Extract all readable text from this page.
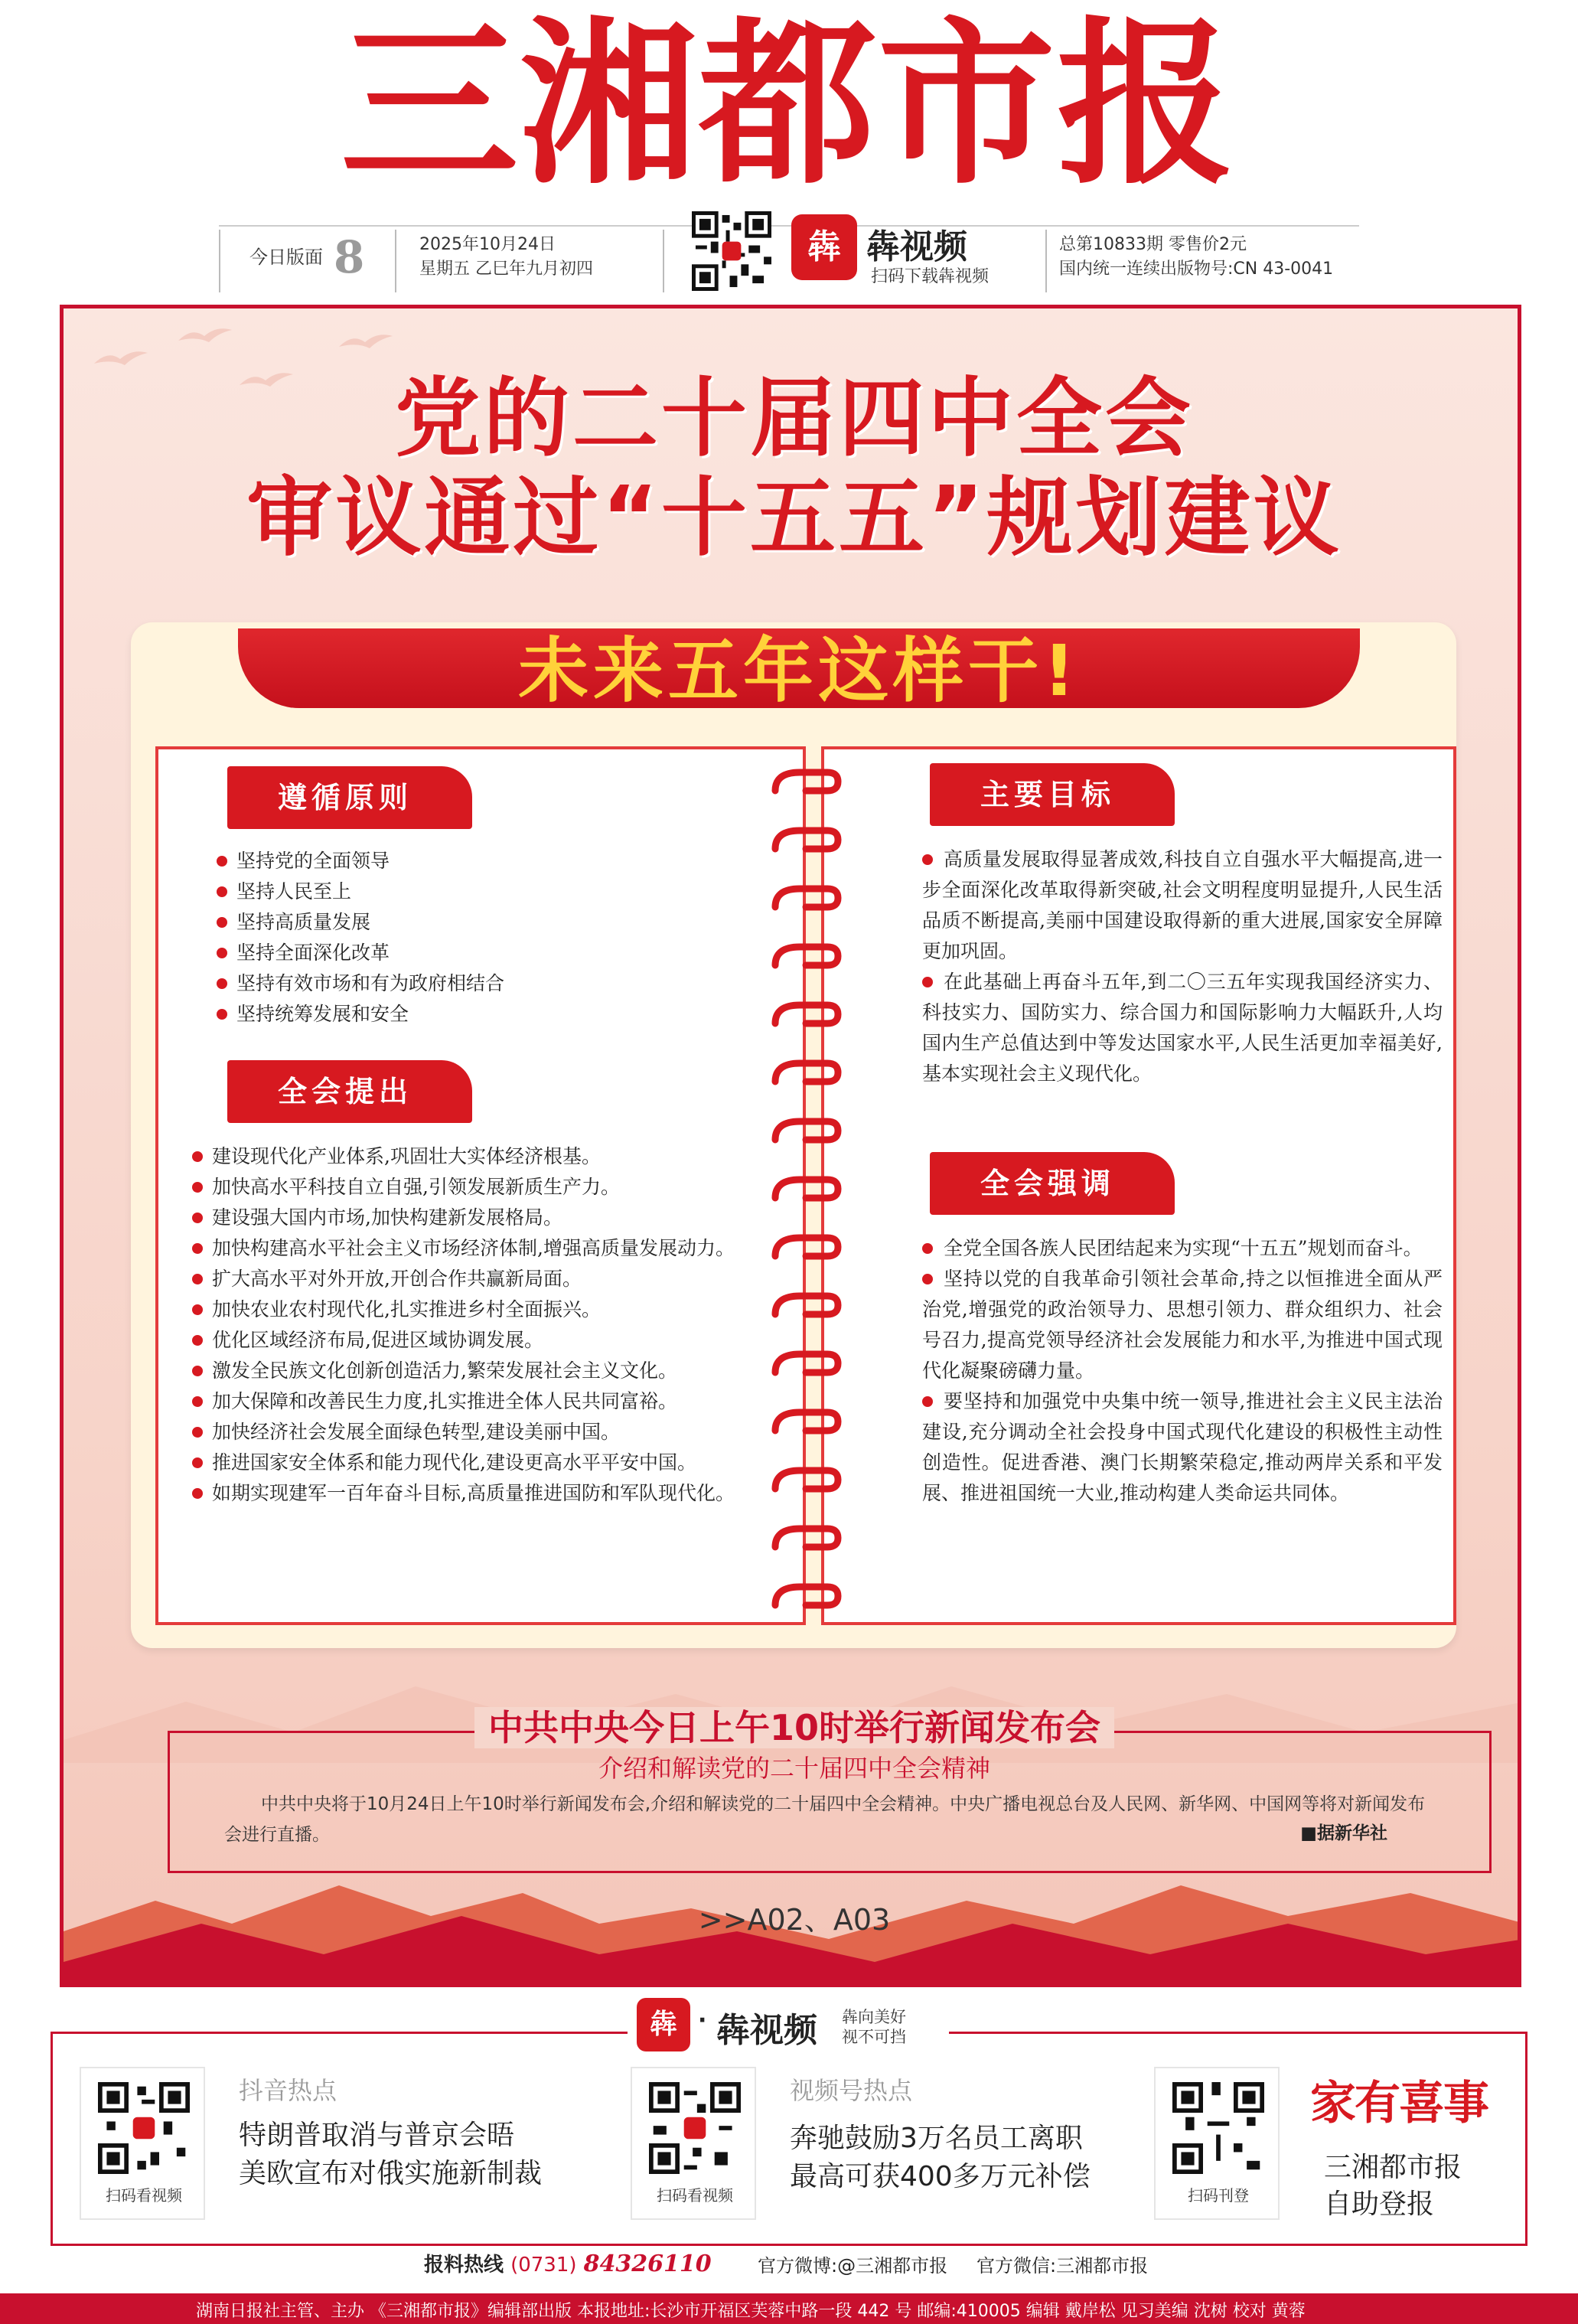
三湘都市报
今日版面 8	2025年10月24日
星期五 乙巳年九月初四
犇 犇视频
扫码下载犇视频
总第10833期 零售价2元
国内统一连续出版物号:CN 43-0041
党的二十届四中全会
审议通过“十五五”规划建议
未来五年这样干!
遵循原则
坚持党的全面领导
坚持人民至上
坚持高质量发展
坚持全面深化改革
坚持有效市场和有为政府相结合
坚持统筹发展和安全
全会提出
建设现代化产业体系,巩固壮大实体经济根基。
加快高水平科技自立自强,引领发展新质生产力。
建设强大国内市场,加快构建新发展格局。
加快构建高水平社会主义市场经济体制,增强高质量发展动力。
扩大高水平对外开放,开创合作共赢新局面。
加快农业农村现代化,扎实推进乡村全面振兴。
优化区域经济布局,促进区域协调发展。
激发全民族文化创新创造活力,繁荣发展社会主义文化。
加大保障和改善民生力度,扎实推进全体人民共同富裕。
加快经济社会发展全面绿色转型,建设美丽中国。
推进国家安全体系和能力现代化,建设更高水平平安中国。
如期实现建军一百年奋斗目标,高质量推进国防和军队现代化。
主要目标

高质量发展取得显著成效,科技自立自强水平大幅提高,进一步全面深化改革取得新突破,社会文明程度明显提升,人民生活品质不断提高,美丽中国建设取得新的重大进展,国家安全屏障更加巩固。

在此基础上再奋斗五年,到二〇三五年实现我国经济实力、科技实力、国防实力、综合国力和国际影响力大幅跃升,人均国内生产总值达到中等发达国家水平,人民生活更加幸福美好,基本实现社会主义现代化。

全会强调

全党全国各族人民团结起来为实现“十五五”规划而奋斗。

坚持以党的自我革命引领社会革命,持之以恒推进全面从严治党,增强党的政治领导力、思想引领力、群众组织力、社会号召力,提高党领导经济社会发展能力和水平,为推进中国式现代化凝聚磅礴力量。

要坚持和加强党中央集中统一领导,推进社会主义民主法治建设,充分调动全社会投身中国式现代化建设的积极性主动性创造性。促进香港、澳门长期繁荣稳定,推动两岸关系和平发展、推进祖国统一大业,推动构建人类命运共同体。

中共中央今日上午10时举行新闻发布会
介绍和解读党的二十届四中全会精神
中共中央将于10月24日上午10时举行新闻发布会,介绍和解读党的二十届四中全会精神。中央广播电视总台及人民网、新华网、中国网等将对新闻发布会进行直播。	■据新华社
>>A02、A03
犇 · 犇视频 犇向美好
视不可挡
扫码看视频
抖音热点
特朗普取消与普京会晤
美欧宣布对俄实施新制裁
扫码看视频
视频号热点
奔驰鼓励3万名员工离职
最高可获400多万元补偿
扫码刊登
家有喜事
三湘都市报
自助登报
报料热线 (0731) 84326110	官方微博:@三湘都市报 官方微信:三湘都市报
湖南日报社主管、主办 《三湘都市报》编辑部出版 本报地址:长沙市开福区芙蓉中路一段 442 号 邮编:410005 编辑 戴岸松 见习美编 沈树 校对 黄蓉
